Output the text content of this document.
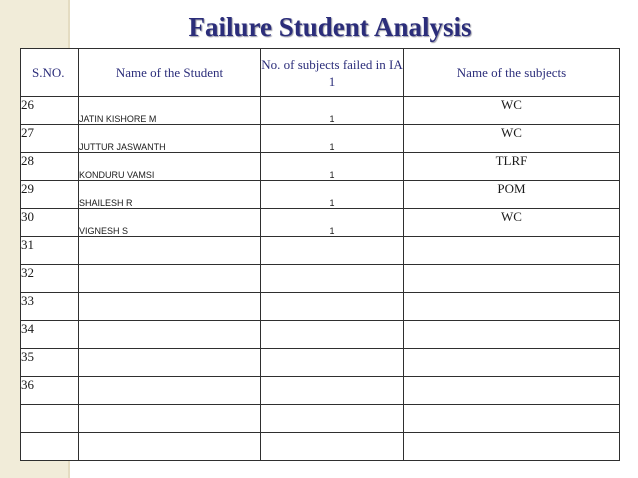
Failure Student Analysis
S.NO.	Name of the Student	No. of subjects failed in IA 1	Name of the subjects
26	JATIN KISHORE M	1	WC
27	JUTTUR JASWANTH	1	WC
28	KONDURU VAMSI	1	TLRF
29	SHAILESH R	1	POM
30	VIGNESH S	1	WC
31			
32			
33			
34			
35			
36			
